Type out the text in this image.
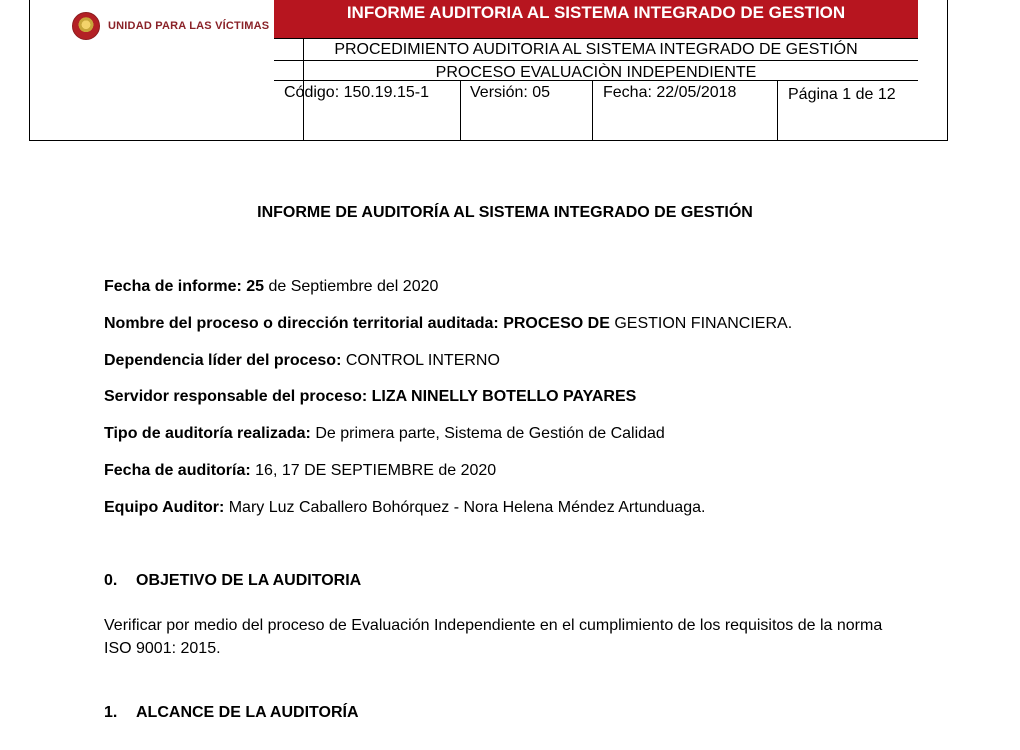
UNIDAD PARA LAS VÍCTIMAS
INFORME AUDITORIA AL SISTEMA INTEGRADO DE GESTION
PROCEDIMIENTO AUDITORIA AL SISTEMA INTEGRADO DE GESTIÓN
PROCESO EVALUACIÒN INDEPENDIENTE
Código: 150.19.15-1	Versión: 05	Fecha: 22/05/2018	Página 1 de 12
INFORME DE AUDITORÍA AL SISTEMA INTEGRADO DE GESTIÓN
Fecha de informe: 25 de Septiembre del 2020
Nombre del proceso o dirección territorial auditada: PROCESO DE GESTION FINANCIERA.
Dependencia líder del proceso: CONTROL INTERNO
Servidor responsable del proceso: LIZA NINELLY BOTELLO PAYARES
Tipo de auditoría realizada: De primera parte, Sistema de Gestión de Calidad
Fecha de auditoría: 16, 17 DE SEPTIEMBRE de 2020
Equipo Auditor: Mary Luz Caballero Bohórquez - Nora Helena Méndez Artunduaga.
0. OBJETIVO DE LA AUDITORIA
Verificar por medio del proceso de Evaluación Independiente en el cumplimiento de los requisitos de la norma ISO 9001: 2015.
1. ALCANCE DE LA AUDITORÍA
